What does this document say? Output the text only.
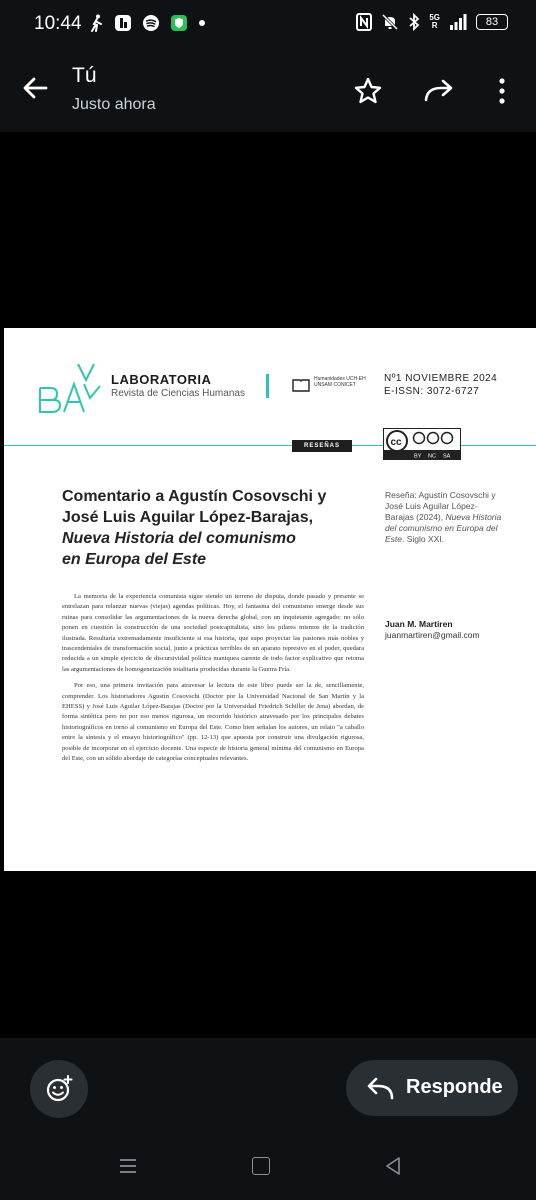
10:44	5G
R	83
Tú
Justo ahora
LABORATORIA
Revista de Ciencias Humanas
Humanidades UCH-EH UNSAM CONICET
Nº1 NOVIEMBRE 2024
E-ISSN: 3072-6727
RESEÑAS	cc
BY NC SA
Comentario a Agustín Cosovschi y
José Luis Aguilar López-Barajas,
Nueva Historia del comunismo
en Europa del Este
Reseña: Agustín Cosovschi y José Luis Aguilar López-Barajas (2024), Nueva Historia del comunismo en Europa del Este. Siglo XXI.
Juan M. Martiren
juanmartiren@gmail.com

La memoria de la experiencia comunista sigue siendo un terreno de disputa, donde pasado y presente se entrelazan para relanzar nuevas (viejas) agendas políticas. Hoy, el fantasma del comunismo emerge desde sus ruinas para consolidar las argumentaciones de la nueva derecha global, con un inquietante agregado: no sólo ponen en cuestión la construcción de una sociedad postcapitalista, sino los pilares mismos de la tradición ilustrada. Resultaría extremadamente insuficiente si esa historia, que supo proyectar las pasiones más nobles y trascendentales de transformación social, junto a prácticas terribles de un aparato represivo en el poder, quedara reducida a un simple ejercicio de discursividad política maniquea carente de todo factor explicativo que retoma las argumentaciones de homogeneización totalitaria producidas durante la Guerra Fría.

Por eso, una primera invitación para atravesar la lectura de este libro puede ser la de, sencillamente, comprender. Los historiadores Agustín Cosovschi (Doctor por la Universidad Nacional de San Martín y la EHESS) y José Luis Aguilar López-Barajas (Doctor por la Universidad Friedrich Schiller de Jena) abordan, de forma sintética pero no por eso menos rigurosa, un recorrido histórico atravesado por los principales debates historiográficos en torno al comunismo en Europa del Este. Como bien señalan los autores, un relato "a caballo entre la síntesis y el ensayo historiográfico" (pp. 12-13) que apuesta por construir una divulgación rigurosa, posible de incorporar en el ejercicio docente. Una especie de historia general mínima del comunismo en Europa del Este, con un sólido abordaje de categorías conceptuales relevantes.

Responde
